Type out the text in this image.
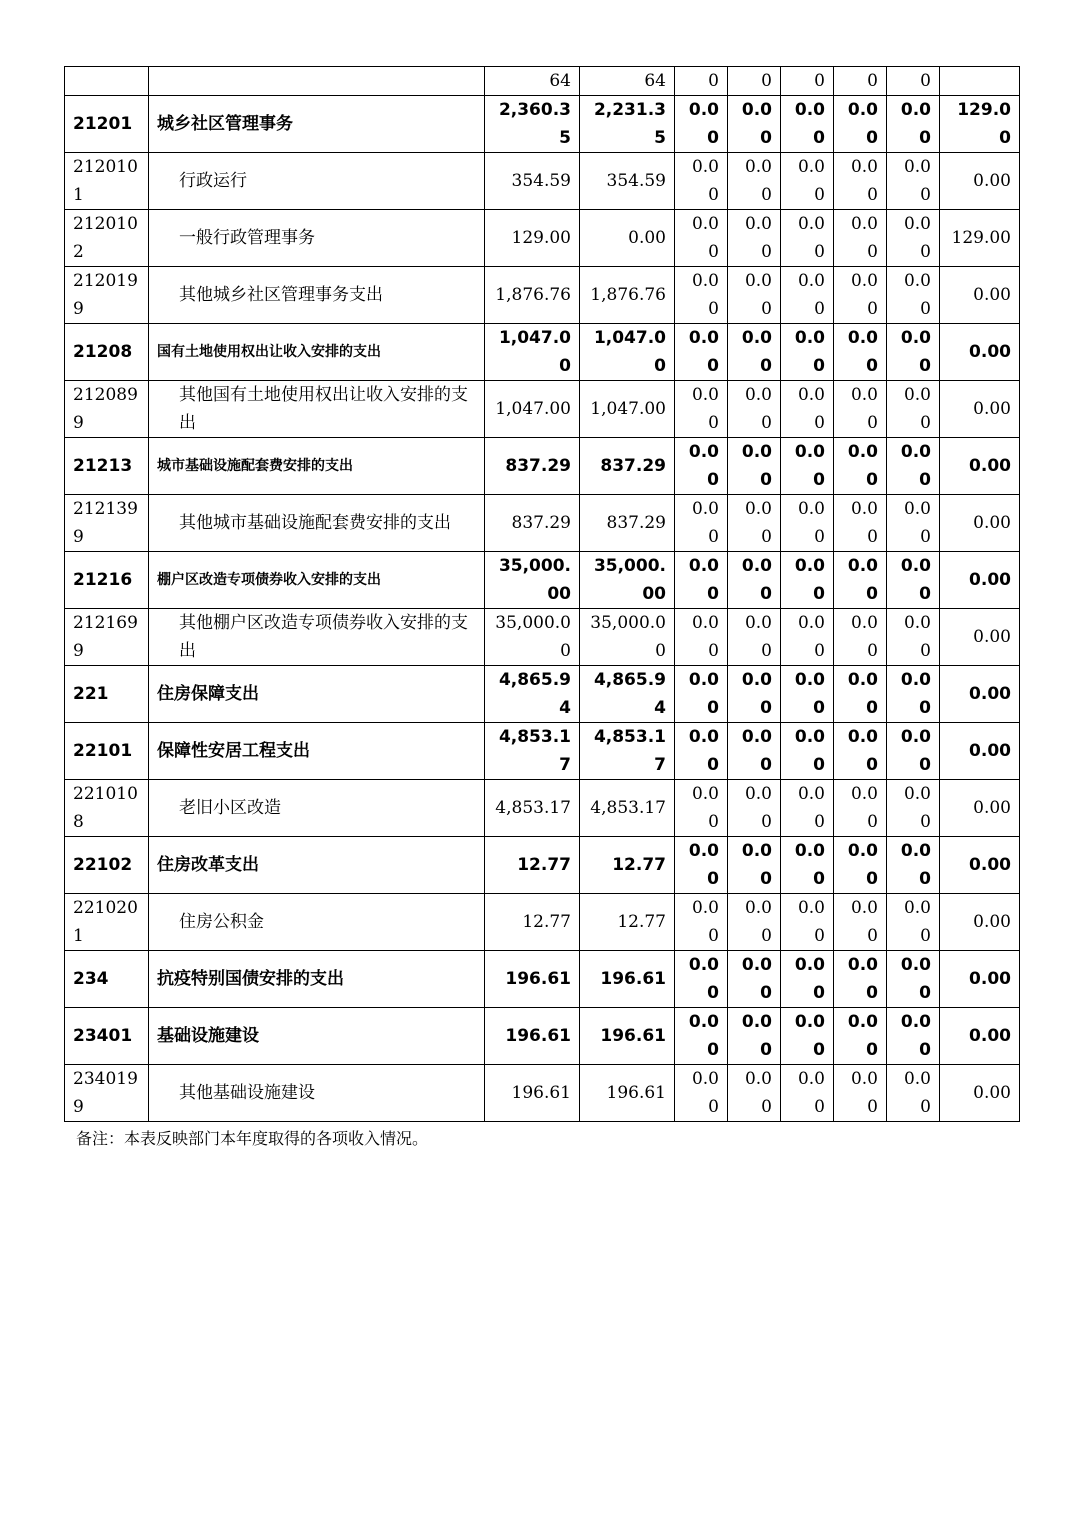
		64	64	0	0	0	0	0	
21201	城乡社区管理事务	2,360.35	2,231.35	0.00	0.00	0.00	0.00	0.00	129.00
2120101	行政运行	354.59	354.59	0.00	0.00	0.00	0.00	0.00	0.00
2120102	一般行政管理事务	129.00	0.00	0.00	0.00	0.00	0.00	0.00	129.00
2120199	其他城乡社区管理事务支出	1,876.76	1,876.76	0.00	0.00	0.00	0.00	0.00	0.00
21208	国有土地使用权出让收入安排的支出	1,047.00	1,047.00	0.00	0.00	0.00	0.00	0.00	0.00
2120899	其他国有土地使用权出让收入安排的支出	1,047.00	1,047.00	0.00	0.00	0.00	0.00	0.00	0.00
21213	城市基础设施配套费安排的支出	837.29	837.29	0.00	0.00	0.00	0.00	0.00	0.00
2121399	其他城市基础设施配套费安排的支出	837.29	837.29	0.00	0.00	0.00	0.00	0.00	0.00
21216	棚户区改造专项债券收入安排的支出	35,000.00	35,000.00	0.00	0.00	0.00	0.00	0.00	0.00
2121699	其他棚户区改造专项债券收入安排的支出	35,000.00	35,000.00	0.00	0.00	0.00	0.00	0.00	0.00
221	住房保障支出	4,865.94	4,865.94	0.00	0.00	0.00	0.00	0.00	0.00
22101	保障性安居工程支出	4,853.17	4,853.17	0.00	0.00	0.00	0.00	0.00	0.00
2210108	老旧小区改造	4,853.17	4,853.17	0.00	0.00	0.00	0.00	0.00	0.00
22102	住房改革支出	12.77	12.77	0.00	0.00	0.00	0.00	0.00	0.00
2210201	住房公积金	12.77	12.77	0.00	0.00	0.00	0.00	0.00	0.00
234	抗疫特别国债安排的支出	196.61	196.61	0.00	0.00	0.00	0.00	0.00	0.00
23401	基础设施建设	196.61	196.61	0.00	0.00	0.00	0.00	0.00	0.00
2340199	其他基础设施建设	196.61	196.61	0.00	0.00	0.00	0.00	0.00	0.00
备注：本表反映部门本年度取得的各项收入情况。
